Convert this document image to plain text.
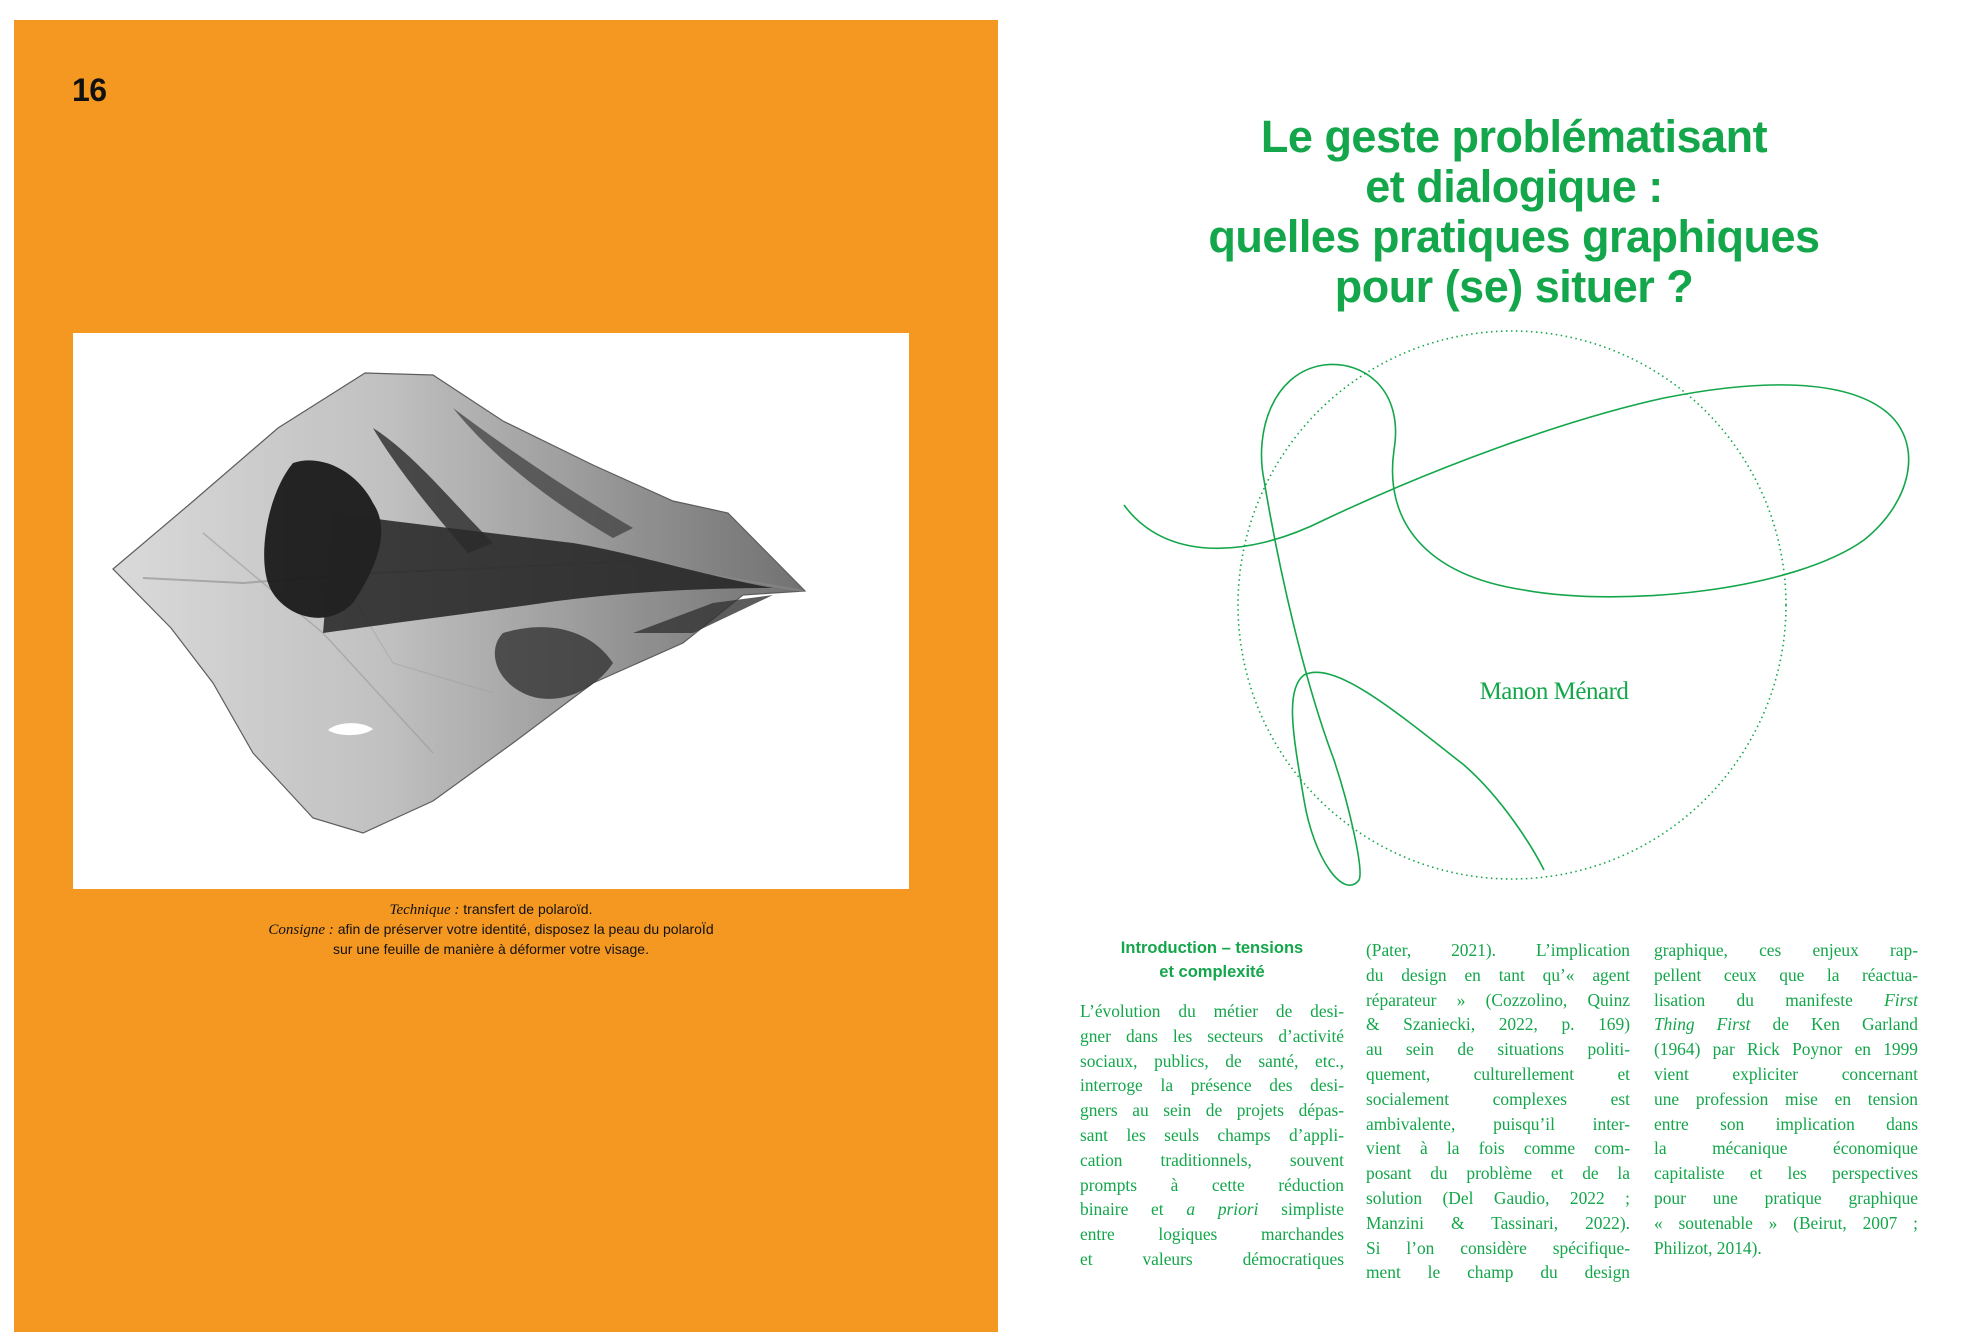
16
Technique : transfert de polaroïd.
Consigne : afin de préserver votre identité, disposez la peau du polaroÏd
sur une feuille de manière à déformer votre visage.
Le geste problématisant
et dialogique :
quelles pratiques graphiques
pour (se) situer ?
Manon Ménard
Introduction – tensions
et complexité
L’évolution du métier de desi-
gner dans les secteurs d’activité
sociaux, publics, de santé, etc.,
interroge la présence des desi-
gners au sein de projets dépas-
sant les seuls champs d’appli-
cation traditionnels, souvent
prompts à cette réduction
binaire et a priori simpliste
entre logiques marchandes
et valeurs démocratiques
(Pater, 2021). L’implication
du design en tant qu’« agent
réparateur » (Cozzolino, Quinz
& Szaniecki, 2022, p. 169)
au sein de situations politi-
quement, culturellement et
socialement complexes est
ambivalente, puisqu’il inter-
vient à la fois comme com-
posant du problème et de la
solution (Del Gaudio, 2022 ;
Manzini & Tassinari, 2022).
Si l’on considère spécifique-
ment le champ du design
graphique, ces enjeux rap-
pellent ceux que la réactua-
lisation du manifeste First
Thing First de Ken Garland
(1964) par Rick Poynor en 1999
vient expliciter concernant
une profession mise en tension
entre son implication dans
la mécanique économique
capitaliste et les perspectives
pour une pratique graphique
« soutenable » (Beirut, 2007 ;
Philizot, 2014).
